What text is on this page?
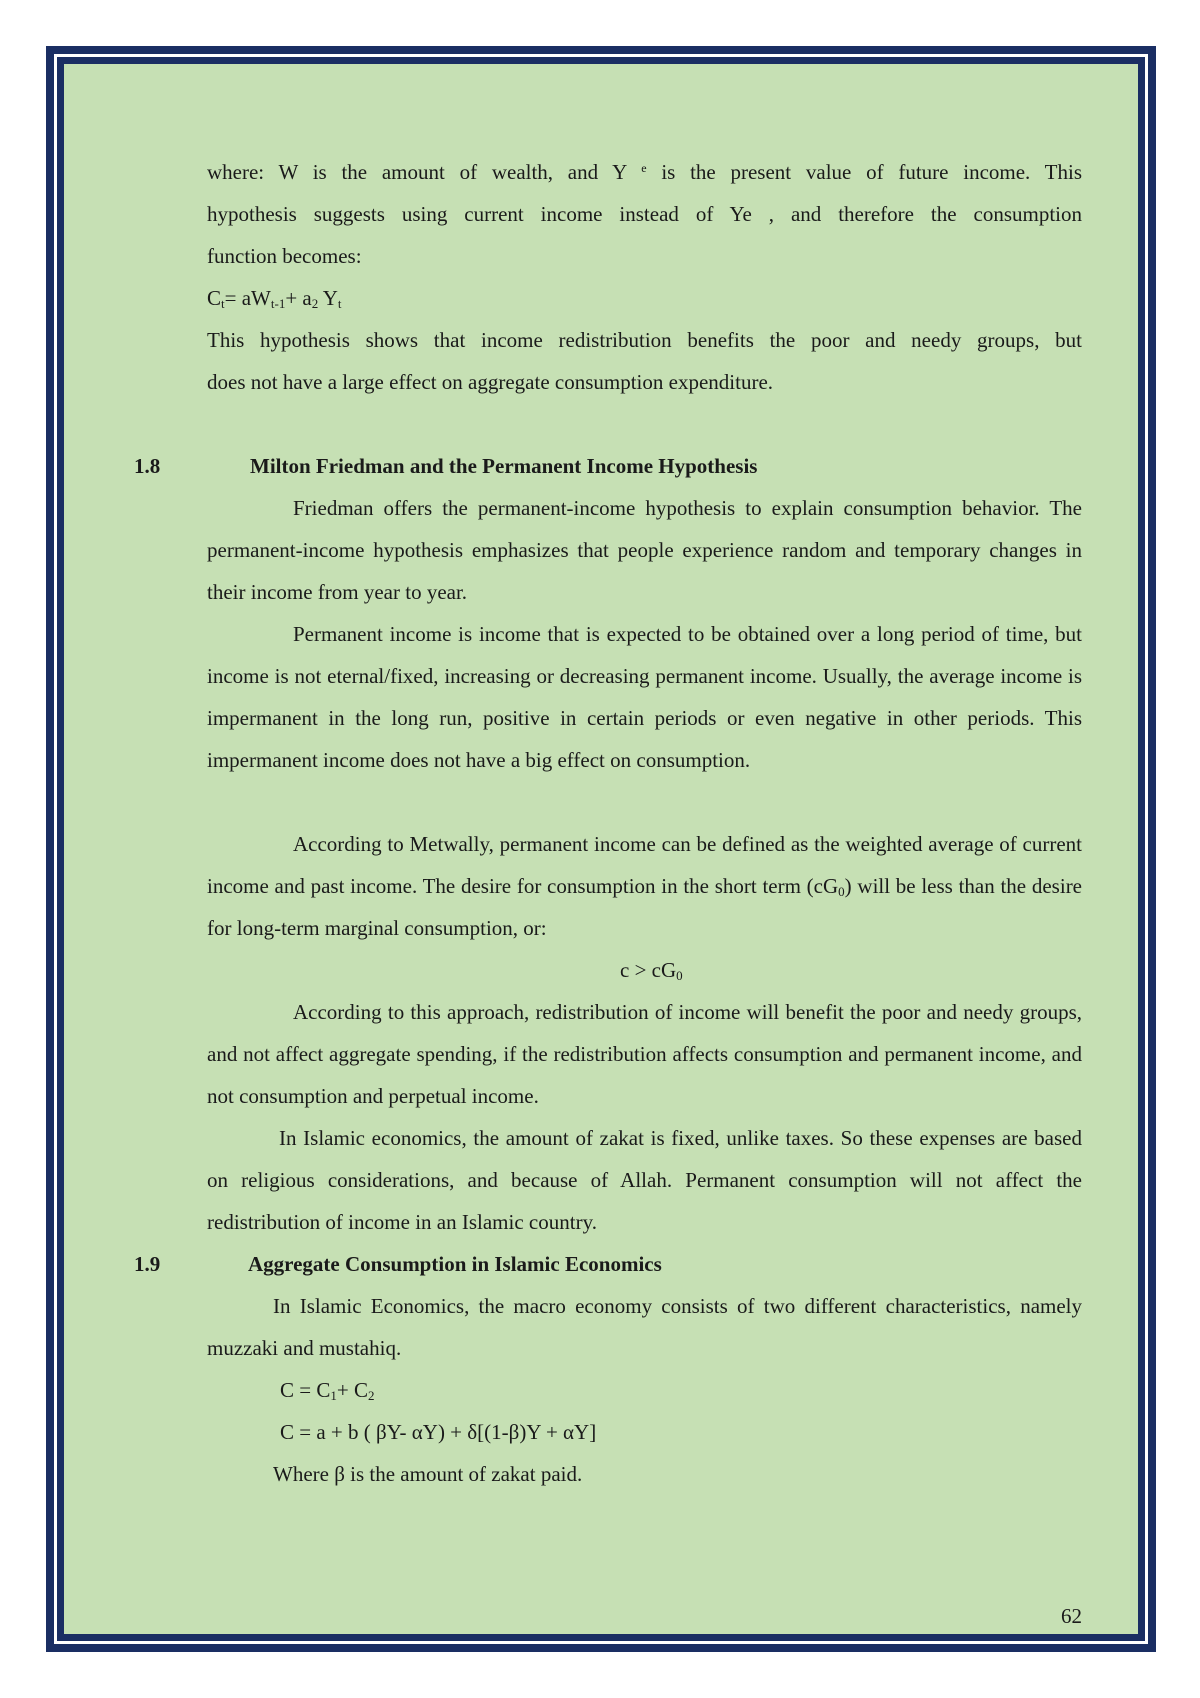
where: W is the amount of wealth, and Y $^e$ is the present value of future income. This
hypothesis suggests using current income instead of Ye , and therefore the consumption
function becomes:
$C_t= aW_{t-1}+ a_2$ $Y_t$
This hypothesis shows that income redistribution benefits the poor and needy groups, but
does not have a large effect on aggregate consumption expenditure.
1.8	Milton Friedman and the Permanent Income Hypothesis
Friedman offers the permanent-income hypothesis to explain consumption behavior. The permanent-income hypothesis emphasizes that people experience random and temporary changes in their income from year to year.
Permanent income is income that is expected to be obtained over a long period of time, but income is not eternal/fixed, increasing or decreasing permanent income. Usually, the average income is impermanent in the long run, positive in certain periods or even negative in other periods. This impermanent income does not have a big effect on consumption.
According to Metwally, permanent income can be defined as the weighted average of current income and past income. The desire for consumption in the short term $(cG_0)$ will be less than the desire for long-term marginal consumption, or:
$c > cG_0$
According to this approach, redistribution of income will benefit the poor and needy groups, and not affect aggregate spending, if the redistribution affects consumption and permanent income, and not consumption and perpetual income.
In Islamic economics, the amount of zakat is fixed, unlike taxes. So these expenses are based on religious considerations, and because of Allah. Permanent consumption will not affect the redistribution of income in an Islamic country.
1.9	Aggregate Consumption in Islamic Economics
In Islamic Economics, the macro economy consists of two different characteristics, namely muzzaki and mustahiq.
$C = C_1+ C_2$
C = a + b ( βY- αY) + δ[(1-β)Y + αY]
Where β is the amount of zakat paid.
62
